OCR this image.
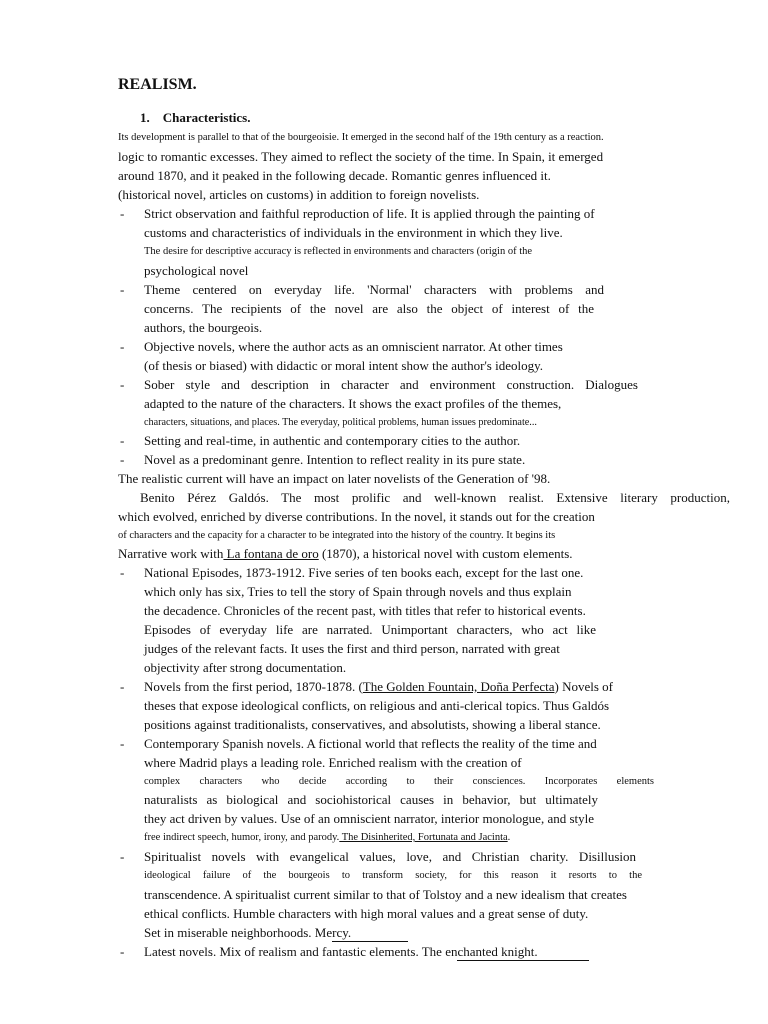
REALISM.
1. Characteristics.
Its development is parallel to that of the bourgeoisie. It emerged in the second half of the 19th century as a reaction.
logic to romantic excesses. They aimed to reflect the society of the time. In Spain, it emerged
around 1870, and it peaked in the following decade. Romantic genres influenced it.
(historical novel, articles on customs) in addition to foreign novelists.
- Strict observation and faithful reproduction of life. It is applied through the painting of
customs and characteristics of individuals in the environment in which they live.
The desire for descriptive accuracy is reflected in environments and characters (origin of the
psychological novel
- Theme centered on everyday life. 'Normal' characters with problems and
concerns. The recipients of the novel are also the object of interest of the
authors, the bourgeois.
- Objective novels, where the author acts as an omniscient narrator. At other times
(of thesis or biased) with didactic or moral intent show the author's ideology.
- Sober style and description in character and environment construction. Dialogues
adapted to the nature of the characters. It shows the exact profiles of the themes,
characters, situations, and places. The everyday, political problems, human issues predominate...
- Setting and real-time, in authentic and contemporary cities to the author.
- Novel as a predominant genre. Intention to reflect reality in its pure state.
The realistic current will have an impact on later novelists of the Generation of '98.
Benito Pérez Galdós. The most prolific and well-known realist. Extensive literary production,
which evolved, enriched by diverse contributions. In the novel, it stands out for the creation
of characters and the capacity for a character to be integrated into the history of the country. It begins its
Narrative work with La fontana de oro (1870), a historical novel with custom elements.
- National Episodes, 1873-1912. Five series of ten books each, except for the last one.
which only has six, Tries to tell the story of Spain through novels and thus explain
the decadence. Chronicles of the recent past, with titles that refer to historical events.
Episodes of everyday life are narrated. Unimportant characters, who act like
judges of the relevant facts. It uses the first and third person, narrated with great
objectivity after strong documentation.
- Novels from the first period, 1870-1878. (The Golden Fountain, Doña Perfecta) Novels of
theses that expose ideological conflicts, on religious and anti-clerical topics. Thus Galdós
positions against traditionalists, conservatives, and absolutists, showing a liberal stance.
- Contemporary Spanish novels. A fictional world that reflects the reality of the time and
where Madrid plays a leading role. Enriched realism with the creation of
complex characters who decide according to their consciences. Incorporates elements
naturalists as biological and sociohistorical causes in behavior, but ultimately
they act driven by values. Use of an omniscient narrator, interior monologue, and style
free indirect speech, humor, irony, and parody. The Disinherited, Fortunata and Jacinta.
- Spiritualist novels with evangelical values, love, and Christian charity. Disillusion
ideological failure of the bourgeois to transform society, for this reason it resorts to the
transcendence. A spiritualist current similar to that of Tolstoy and a new idealism that creates
ethical conflicts. Humble characters with high moral values and a great sense of duty.
Set in miserable neighborhoods. Mercy.
- Latest novels. Mix of realism and fantastic elements. The enchanted knight.
